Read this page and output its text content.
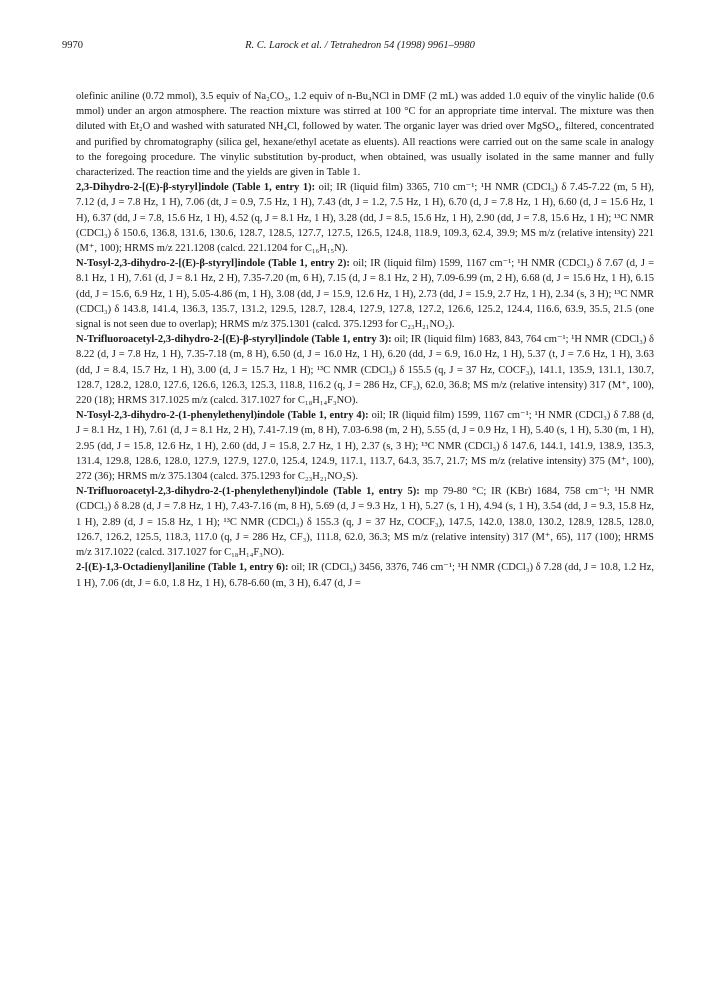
9970	R. C. Larock et al. / Tetrahedron 54 (1998) 9961–9980

olefinic aniline (0.72 mmol), 3.5 equiv of Na₂CO₃, 1.2 equiv of n-Bu₄NCl in DMF (2 mL) was added 1.0 equiv of the vinylic halide (0.6 mmol) under an argon atmosphere. The reaction mixture was stirred at 100 °C for an appropriate time interval. The mixture was then diluted with Et₂O and washed with saturated NH₄Cl, followed by water. The organic layer was dried over MgSO₄, filtered, concentrated and purified by chromatography (silica gel, hexane/ethyl acetate as eluents). All reactions were carried out on the same scale in analogy to the foregoing procedure. The vinylic substitution by-product, when obtained, was usually isolated in the same manner and fully characterized. The reaction time and the yields are given in Table 1.

2,3-Dihydro-2-[(E)-β-styryl]indole (Table 1, entry 1): oil; IR (liquid film) 3365, 710 cm⁻¹; ¹H NMR (CDCl₃) δ 7.45-7.22 (m, 5 H), 7.12 (d, J = 7.8 Hz, 1 H), 7.06 (dt, J = 0.9, 7.5 Hz, 1 H), 7.43 (dt, J = 1.2, 7.5 Hz, 1 H), 6.70 (d, J = 7.8 Hz, 1 H), 6.60 (d, J = 15.6 Hz, 1 H), 6.37 (dd, J = 7.8, 15.6 Hz, 1 H), 4.52 (q, J = 8.1 Hz, 1 H), 3.28 (dd, J = 8.5, 15.6 Hz, 1 H), 2.90 (dd, J = 7.8, 15.6 Hz, 1 H); ¹³C NMR (CDCl₃) δ 150.6, 136.8, 131.6, 130.6, 128.7, 128.5, 127.7, 127.5, 126.5, 124.8, 118.9, 109.3, 62.4, 39.9; MS m/z (relative intensity) 221 (M⁺, 100); HRMS m/z 221.1208 (calcd. 221.1204 for C₁₆H₁₅N).

N-Tosyl-2,3-dihydro-2-[(E)-β-styryl]indole (Table 1, entry 2): oil; IR (liquid film) 1599, 1167 cm⁻¹; ¹H NMR (CDCl₃) δ 7.67 (d, J = 8.1 Hz, 1 H), 7.61 (d, J = 8.1 Hz, 2 H), 7.35-7.20 (m, 6 H), 7.15 (d, J = 8.1 Hz, 2 H), 7.09-6.99 (m, 2 H), 6.68 (d, J = 15.6 Hz, 1 H), 6.15 (dd, J = 15.6, 6.9 Hz, 1 H), 5.05-4.86 (m, 1 H), 3.08 (dd, J = 15.9, 12.6 Hz, 1 H), 2.73 (dd, J = 15.9, 2.7 Hz, 1 H), 2.34 (s, 3 H); ¹³C NMR (CDCl₃) δ 143.8, 141.4, 136.3, 135.7, 131.2, 129.5, 128.7, 128.4, 127.9, 127.8, 127.2, 126.6, 125.2, 124.4, 116.6, 63.9, 35.5, 21.5 (one signal is not seen due to overlap); HRMS m/z 375.1301 (calcd. 375.1293 for C₂₃H₂₁NO₂).

N-Trifluoroacetyl-2,3-dihydro-2-[(E)-β-styryl]indole (Table 1, entry 3): oil; IR (liquid film) 1683, 843, 764 cm⁻¹; ¹H NMR (CDCl₃) δ 8.22 (d, J = 7.8 Hz, 1 H), 7.35-7.18 (m, 8 H), 6.50 (d, J = 16.0 Hz, 1 H), 6.20 (dd, J = 6.9, 16.0 Hz, 1 H), 5.37 (t, J = 7.6 Hz, 1 H), 3.63 (dd, J = 8.4, 15.7 Hz, 1 H), 3.00 (d, J = 15.7 Hz, 1 H); ¹³C NMR (CDCl₃) δ 155.5 (q, J = 37 Hz, COCF₃), 141.1, 135.9, 131.1, 130.7, 128.7, 128.2, 128.0, 127.6, 126.6, 126.3, 125.3, 118.8, 116.2 (q, J = 286 Hz, CF₃), 62.0, 36.8; MS m/z (relative intensity) 317 (M⁺, 100), 220 (18); HRMS 317.1025 m/z (calcd. 317.1027 for C₁₈H₁₄F₃NO).

N-Tosyl-2,3-dihydro-2-(1-phenylethenyl)indole (Table 1, entry 4): oil; IR (liquid film) 1599, 1167 cm⁻¹; ¹H NMR (CDCl₃) δ 7.88 (d, J = 8.1 Hz, 1 H), 7.61 (d, J = 8.1 Hz, 2 H), 7.41-7.19 (m, 8 H), 7.03-6.98 (m, 2 H), 5.55 (d, J = 0.9 Hz, 1 H), 5.40 (s, 1 H), 5.30 (m, 1 H), 2.95 (dd, J = 15.8, 12.6 Hz, 1 H), 2.60 (dd, J = 15.8, 2.7 Hz, 1 H), 2.37 (s, 3 H); ¹³C NMR (CDCl₃) δ 147.6, 144.1, 141.9, 138.9, 135.3, 131.4, 129.8, 128.6, 128.0, 127.9, 127.9, 127.0, 125.4, 124.9, 117.1, 113.7, 64.3, 35.7, 21.7; MS m/z (relative intensity) 375 (M⁺, 100), 272 (36); HRMS m/z 375.1304 (calcd. 375.1293 for C₂₃H₂₁NO₂S).

N-Trifluoroacetyl-2,3-dihydro-2-(1-phenylethenyl)indole (Table 1, entry 5): mp 79-80 °C; IR (KBr) 1684, 758 cm⁻¹; ¹H NMR (CDCl₃) δ 8.28 (d, J = 7.8 Hz, 1 H), 7.43-7.16 (m, 8 H), 5.69 (d, J = 9.3 Hz, 1 H), 5.27 (s, 1 H), 4.94 (s, 1 H), 3.54 (dd, J = 9.3, 15.8 Hz, 1 H), 2.89 (d, J = 15.8 Hz, 1 H); ¹³C NMR (CDCl₃) δ 155.3 (q, J = 37 Hz, COCF₃), 147.5, 142.0, 138.0, 130.2, 128.9, 128.5, 128.0, 126.7, 126.2, 125.5, 118.3, 117.0 (q, J = 286 Hz, CF₃), 111.8, 62.0, 36.3; MS m/z (relative intensity) 317 (M⁺, 65), 117 (100); HRMS m/z 317.1022 (calcd. 317.1027 for C₁₈H₁₄F₃NO).

2-[(E)-1,3-Octadienyl]aniline (Table 1, entry 6): oil; IR (CDCl₃) 3456, 3376, 746 cm⁻¹; ¹H NMR (CDCl₃) δ 7.28 (dd, J = 10.8, 1.2 Hz, 1 H), 7.06 (dt, J = 6.0, 1.8 Hz, 1 H), 6.78-6.60 (m, 3 H), 6.47 (d, J =
